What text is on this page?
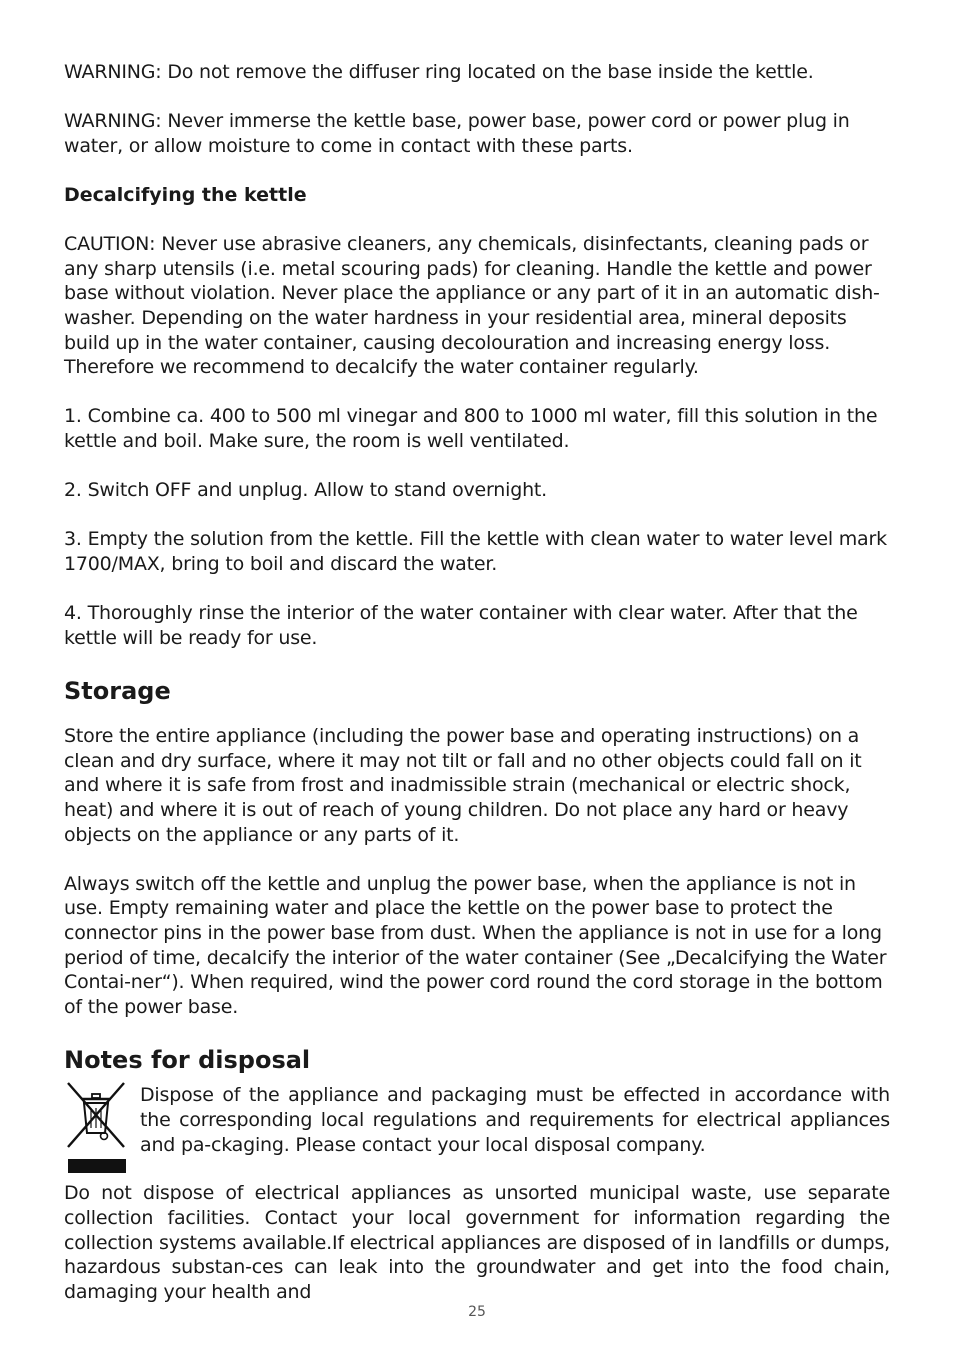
WARNING: Do not remove the diffuser ring located on the base inside the kettle.

WARNING: Never immerse the kettle base, power base, power cord or power plug in water, or allow moisture to come in contact with these parts.

Decalcifying the kettle

CAUTION: Never use abrasive cleaners, any chemicals, disinfectants, cleaning pads or any sharp utensils (i.e. metal scouring pads) for cleaning. Handle the kettle and power base without violation. Never place the appliance or any part of it in an automatic dish-washer. Depending on the water hardness in your residential area, mineral deposits build up in the water container, causing decolouration and increasing energy loss. Therefore we recommend to decalcify the water container regularly.

1. Combine ca. 400 to 500 ml vinegar and 800 to 1000 ml water, fill this solution in the kettle and boil. Make sure, the room is well ventilated.

2. Switch OFF and unplug. Allow to stand overnight.

3. Empty the solution from the kettle. Fill the kettle with clean water to water level mark 1700/MAX, bring to boil and discard the water.

4. Thoroughly rinse the interior of the water container with clear water. After that the kettle will be ready for use.

Storage

Store the entire appliance (including the power base and operating instructions) on a clean and dry surface, where it may not tilt or fall and no other objects could fall on it and where it is safe from frost and inadmissible strain (mechanical or electric shock, heat) and where it is out of reach of young children. Do not place any hard or heavy objects on the appliance or any parts of it.

Always switch off the kettle and unplug the power base, when the appliance is not in use. Empty remaining water and place the kettle on the power base to protect the connector pins in the power base from dust. When the appliance is not in use for a long period of time, decalcify the interior of the water container (See „Decalcifying the Water Contai-ner“). When required, wind the power cord round the cord storage in the bottom of the power base.

Notes for disposal

Dispose of the appliance and packaging must be effected in accordance with the corresponding local regulations and requirements for electrical appliances and pa-ckaging. Please contact your local disposal company.

Do not dispose of electrical appliances as unsorted municipal waste, use separate collection facilities. Contact your local government for information regarding the collection systems available.If electrical appliances are disposed of in landfills or dumps, hazardous substan-ces can leak into the groundwater and get into the food chain, damaging your health and

25
